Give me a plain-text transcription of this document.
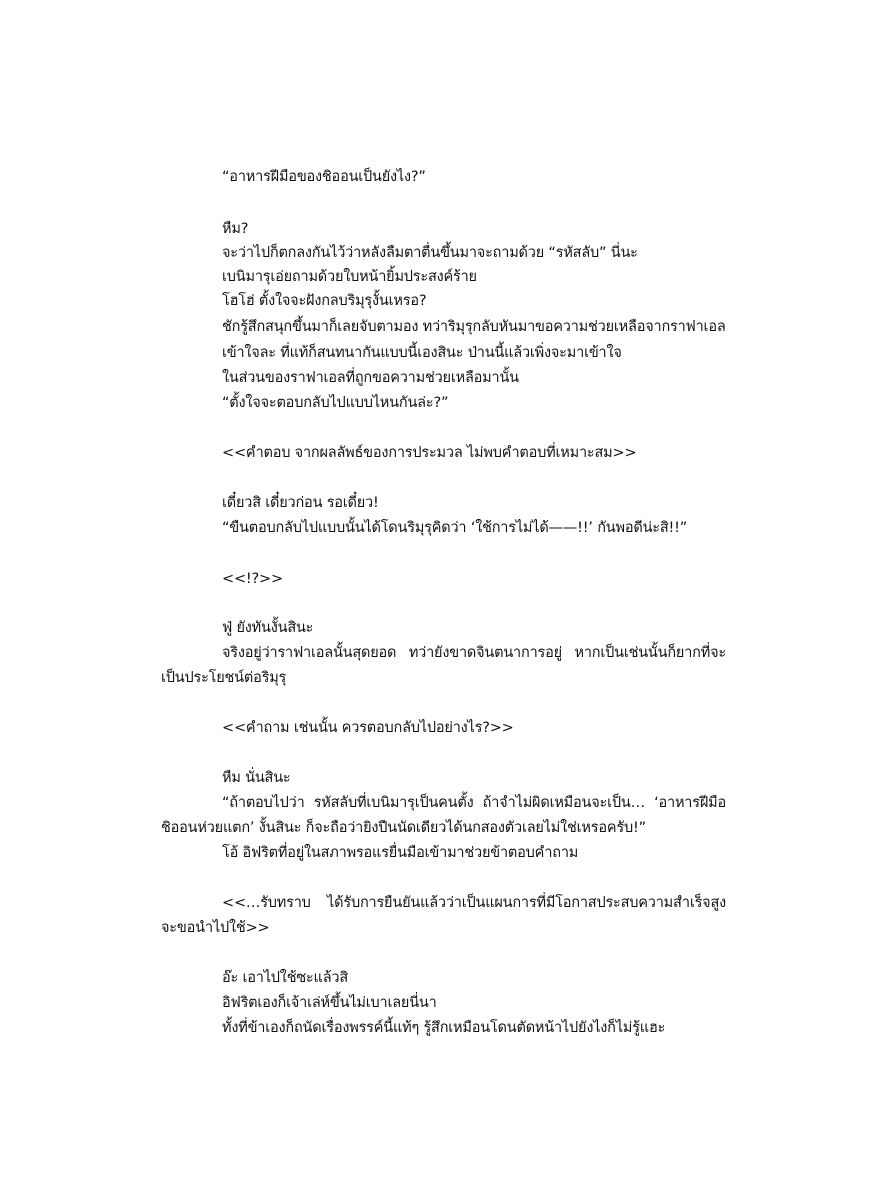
“อาหารฝีมือของชิออนเป็นยังไง?”
หืม?
จะว่าไปก็ตกลงกันไว้ว่าหลังลืมตาตื่นขึ้นมาจะถามด้วย “รหัสลับ” นี่นะ
เบนิมารุเอ่ยถามด้วยใบหน้ายิ้มประสงค์ร้าย
โฮโฮ่ ตั้งใจจะฝังกลบริมุรุงั้นเหรอ?
ชักรู้สึกสนุกขึ้นมาก็เลยจับตามอง ทว่าริมุรุกลับหันมาขอความช่วยเหลือจากราฟาเอล
เข้าใจละ ที่แท้ก็สนทนากันแบบนี้เองสินะ ป่านนี้แล้วเพิ่งจะมาเข้าใจ
ในส่วนของราฟาเอลที่ถูกขอความช่วยเหลือมานั้น
“ตั้งใจจะตอบกลับไปแบบไหนกันล่ะ?”
<<คำตอบ จากผลลัพธ์ของการประมวล ไม่พบคำตอบที่เหมาะสม>>
เดี๋ยวสิ เดี๋ยวก่อน รอเดี๋ยว!
“ขืนตอบกลับไปแบบนั้นได้โดนริมุรุคิดว่า ‘ใช้การไม่ได้——!!’ กันพอดีน่ะสิ!!”
<<!?>>
ฟู่ ยังทันงั้นสินะ
จริงอยู่ว่าราฟาเอลนั้นสุดยอด ทว่ายังขาดจินตนาการอยู่ หากเป็นเช่นนั้นก็ยากที่จะ
เป็นประโยชน์ต่อริมุรุ
<<คำถาม เช่นนั้น ควรตอบกลับไปอย่างไร?>>
หืม นั่นสินะ
“ถ้าตอบไปว่า รหัสลับที่เบนิมารุเป็นคนตั้ง ถ้าจำไม่ผิดเหมือนจะเป็น… ‘อาหารฝีมือ
ชิออนห่วยแตก’ งั้นสินะ ก็จะถือว่ายิงปืนนัดเดียวได้นกสองตัวเลยไม่ใช่เหรอครับ!”
โอ้ อิฟริตที่อยู่ในสภาพรอแรยื่นมือเข้ามาช่วยข้าตอบคำถาม
<<…รับทราบ ได้รับการยืนยันแล้วว่าเป็นแผนการที่มีโอกาสประสบความสำเร็จสูง
จะขอนำไปใช้>>
อ๊ะ เอาไปใช้ซะแล้วสิ
อิฟริตเองก็เจ้าเล่ห์ขึ้นไม่เบาเลยนี่นา
ทั้งที่ข้าเองก็ถนัดเรื่องพรรค์นี้แท้ๆ รู้สึกเหมือนโดนตัดหน้าไปยังไงก็ไม่รู้แฮะ
